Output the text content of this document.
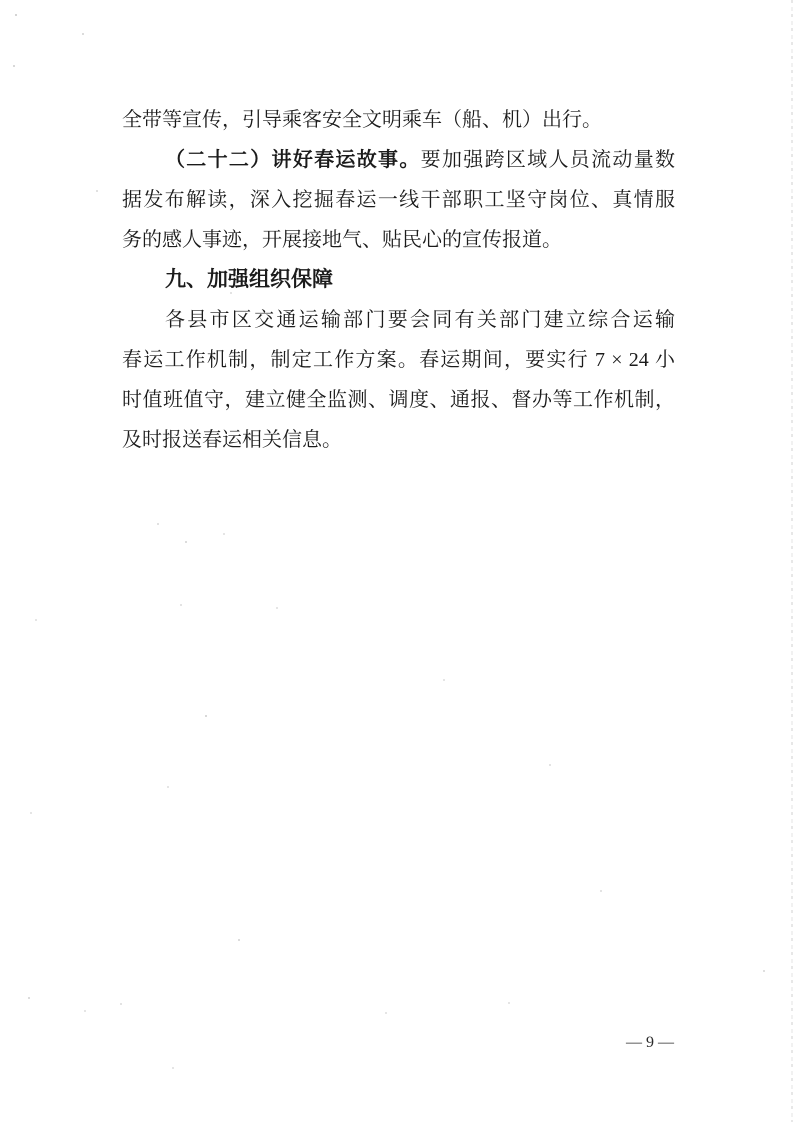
全带等宣传，引导乘客安全文明乘车（船、机）出行。

（二十二）讲好春运故事。要加强跨区域人员流动量数

据发布解读，深入挖掘春运一线干部职工坚守岗位、真情服

务的感人事迹，开展接地气、贴民心的宣传报道。

九、加强组织保障

各县市区交通运输部门要会同有关部门建立综合运输

春运工作机制，制定工作方案。春运期间，要实行 7 × 24 小

时值班值守，建立健全监测、调度、通报、督办等工作机制，

及时报送春运相关信息。

— 9 —
